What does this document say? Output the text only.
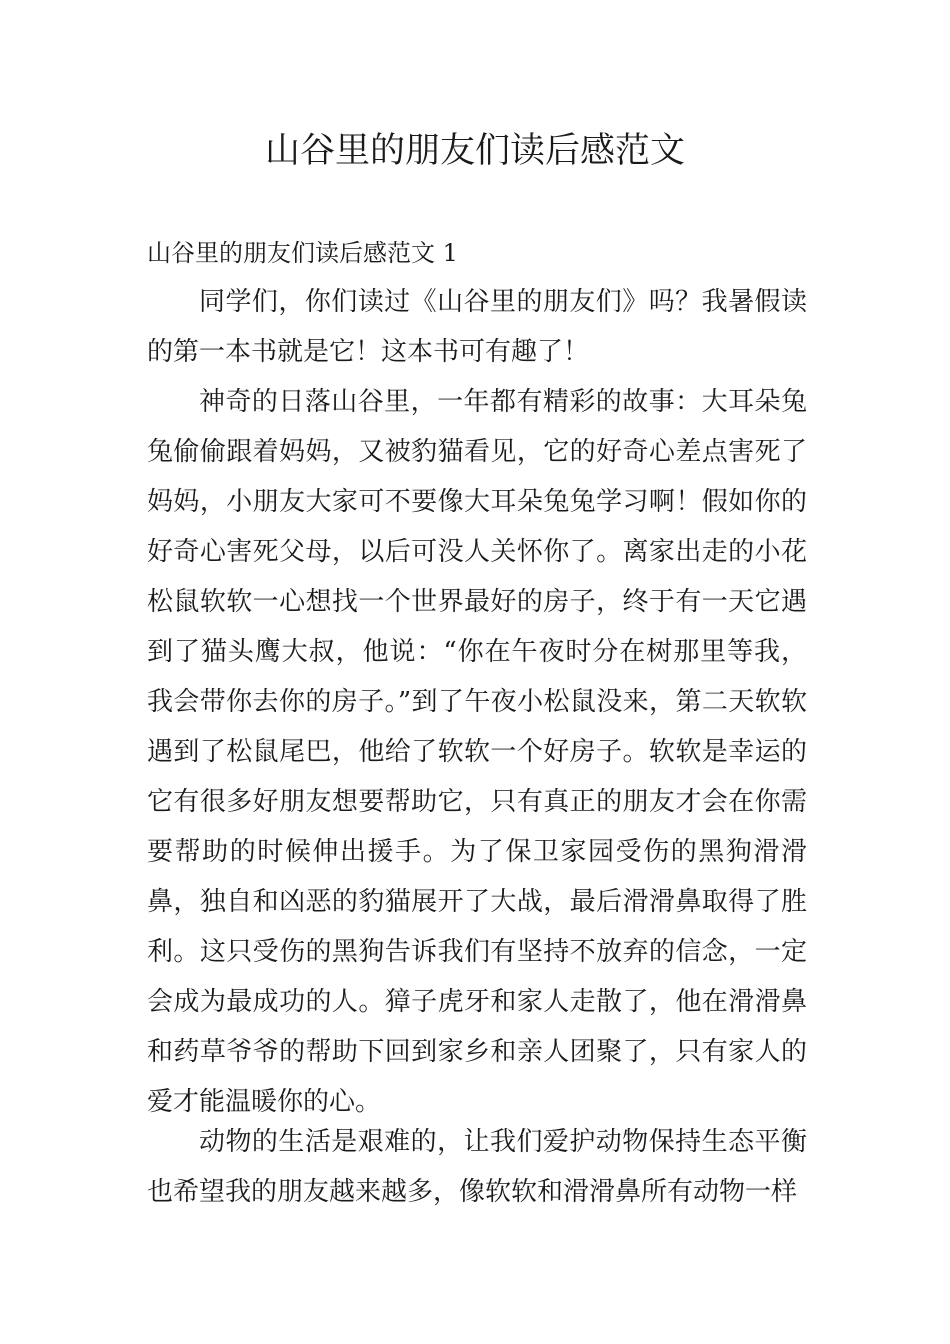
山谷里的朋友们读后感范文
山谷里的朋友们读后感范文 1

同学们，你们读过《山谷里的朋友们》吗？我暑假读的第一本书就是它！这本书可有趣了！

神奇的日落山谷里，一年都有精彩的故事：大耳朵兔兔偷偷跟着妈妈，又被豹猫看见，它的好奇心差点害死了妈妈，小朋友大家可不要像大耳朵兔兔学习啊！假如你的好奇心害死父母，以后可没人关怀你了。离家出走的小花松鼠软软一心想找一个世界最好的房子，终于有一天它遇到了猫头鹰大叔，他说：“你在午夜时分在树那里等我，我会带你去你的房子。”到了午夜小松鼠没来，第二天软软遇到了松鼠尾巴，他给了软软一个好房子。软软是幸运的它有很多好朋友想要帮助它，只有真正的朋友才会在你需要帮助的时候伸出援手。为了保卫家园受伤的黑狗滑滑鼻，独自和凶恶的豹猫展开了大战，最后滑滑鼻取得了胜利。这只受伤的黑狗告诉我们有坚持不放弃的信念，一定会成为最成功的人。獐子虎牙和家人走散了，他在滑滑鼻和药草爷爷的帮助下回到家乡和亲人团聚了，只有家人的爱才能温暖你的心。

动物的生活是艰难的，让我们爱护动物保持生态平衡也希望我的朋友越来越多，像软软和滑滑鼻所有动物一样
